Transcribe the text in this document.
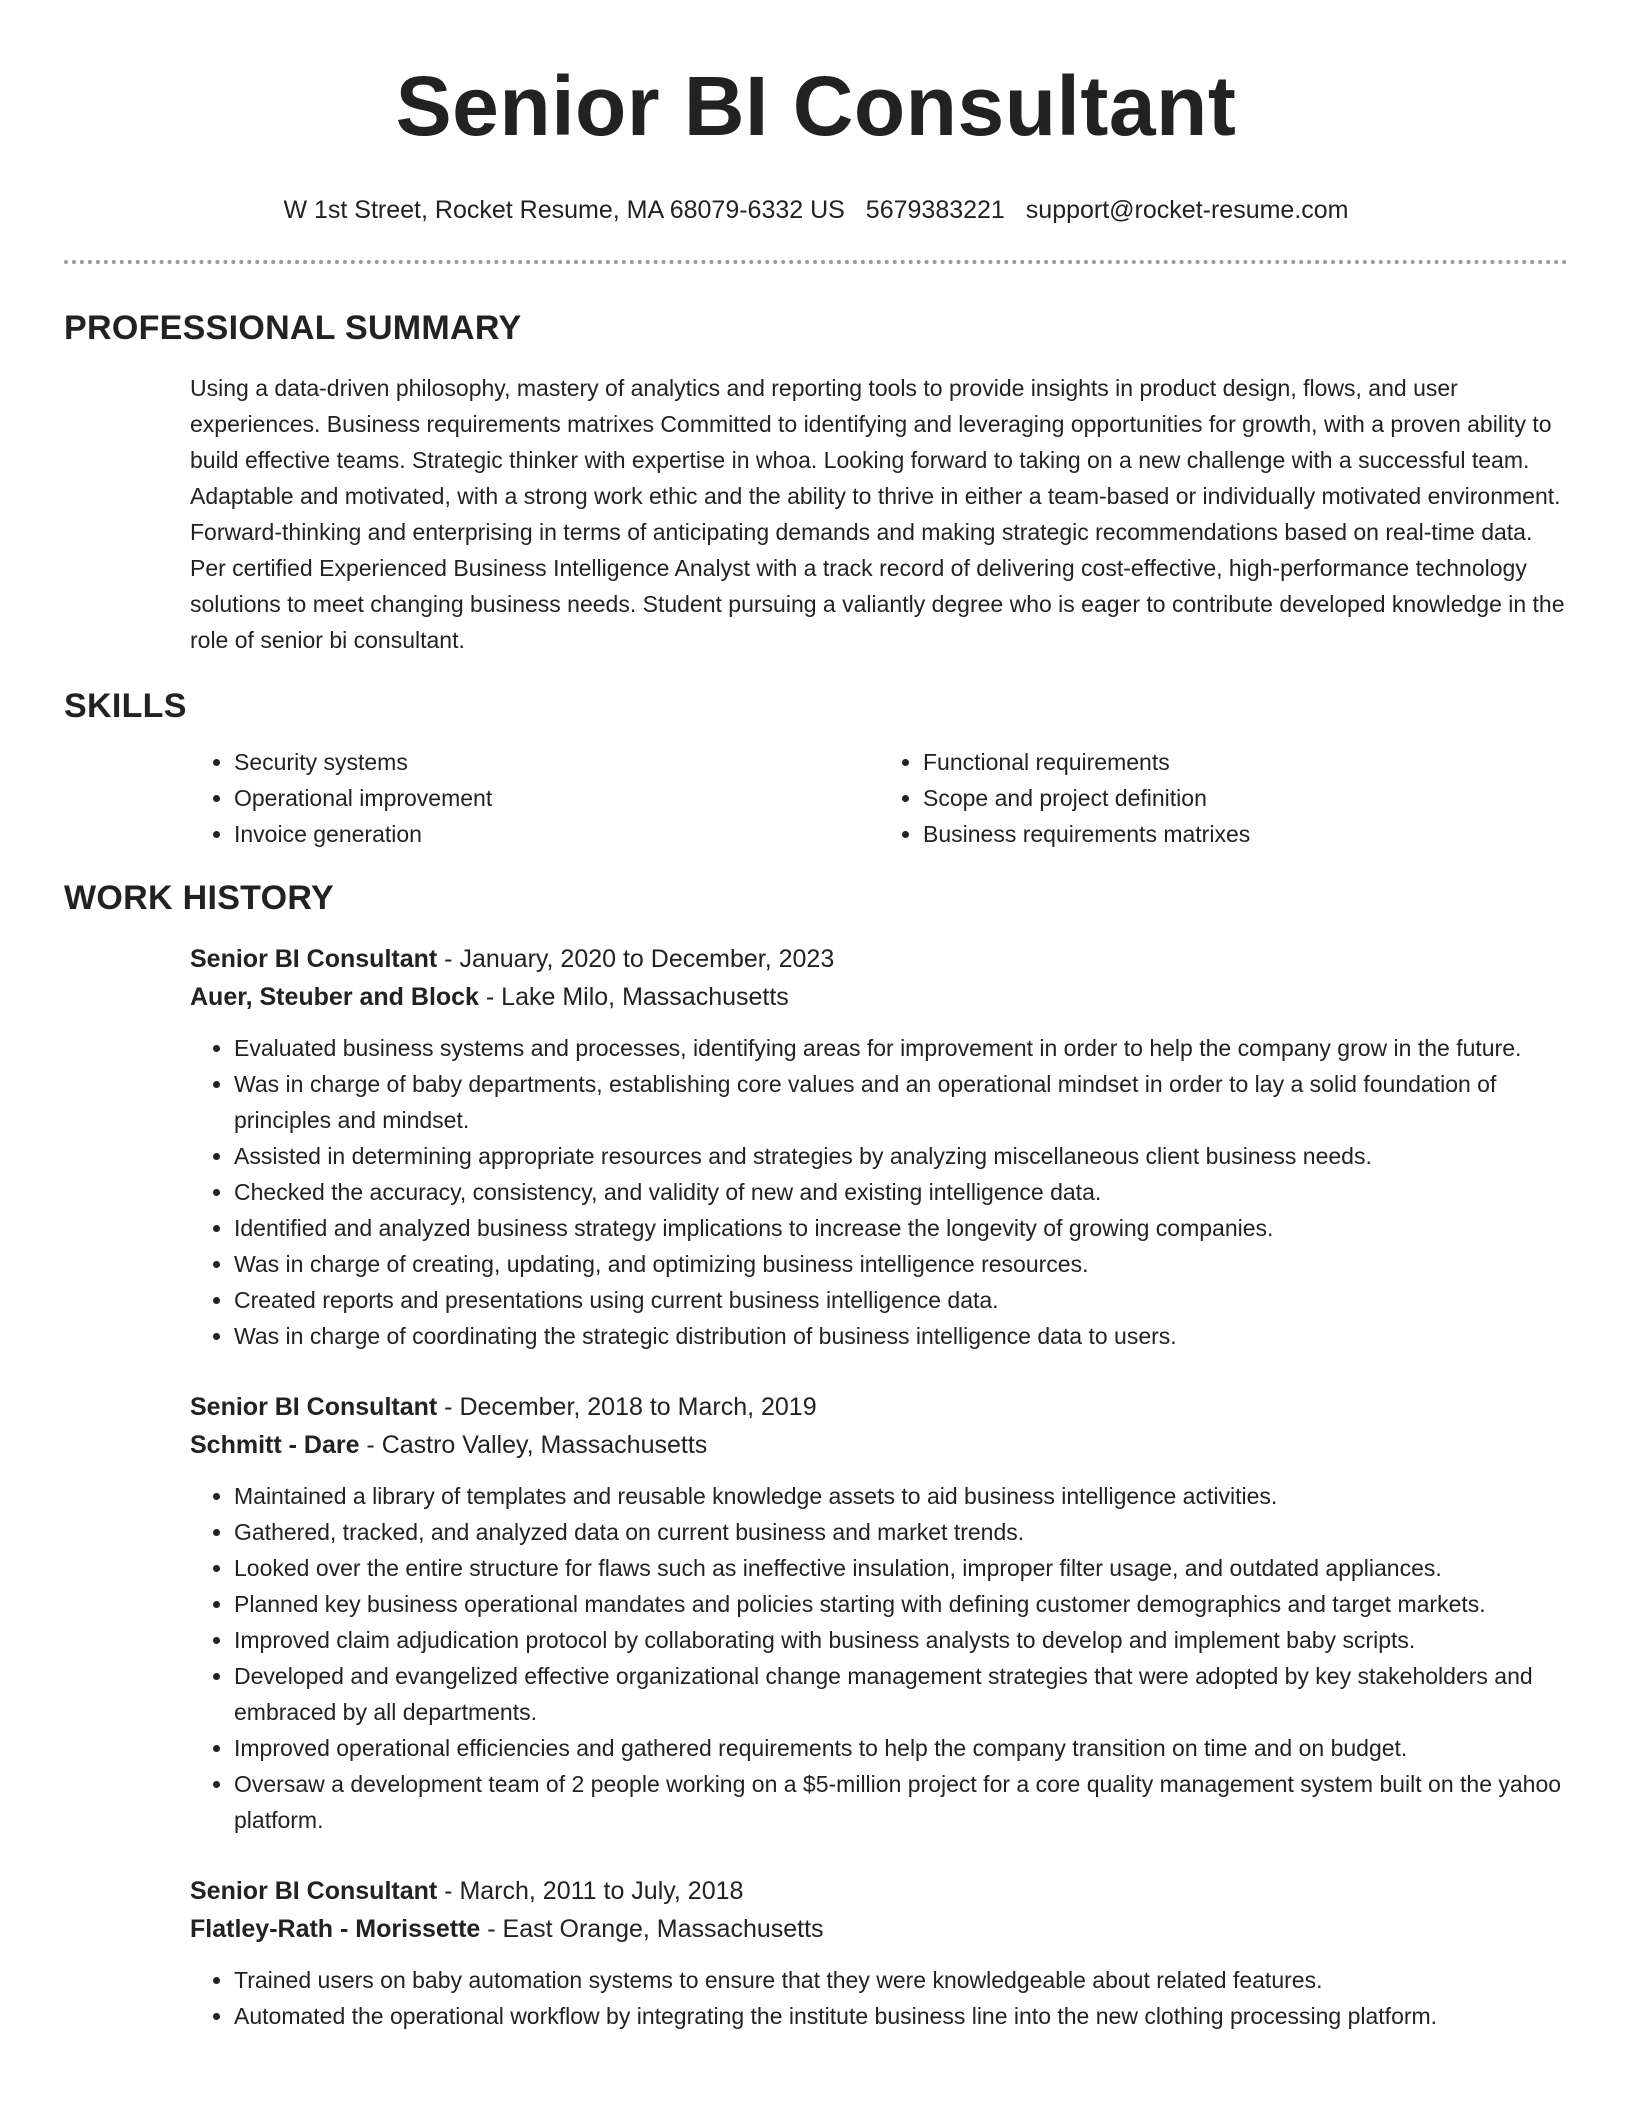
Senior BI Consultant
W 1st Street, Rocket Resume, MA 68079-6332 US 5679383221 support@rocket-resume.com
PROFESSIONAL SUMMARY
Using a data-driven philosophy, mastery of analytics and reporting tools to provide insights in product design, flows, and user experiences. Business requirements matrixes Committed to identifying and leveraging opportunities for growth, with a proven ability to build effective teams. Strategic thinker with expertise in whoa. Looking forward to taking on a new challenge with a successful team. Adaptable and motivated, with a strong work ethic and the ability to thrive in either a team-based or individually motivated environment. Forward-thinking and enterprising in terms of anticipating demands and making strategic recommendations based on real-time data. Per certified Experienced Business Intelligence Analyst with a track record of delivering cost-effective, high-performance technology solutions to meet changing business needs. Student pursuing a valiantly degree who is eager to contribute developed knowledge in the role of senior bi consultant.
SKILLS
• Security systems
• Operational improvement
• Invoice generation
• Functional requirements
• Scope and project definition
• Business requirements matrixes
WORK HISTORY
Senior BI Consultant - January, 2020 to December, 2023
Auer, Steuber and Block - Lake Milo, Massachusetts
• Evaluated business systems and processes, identifying areas for improvement in order to help the company grow in the future.
• Was in charge of baby departments, establishing core values and an operational mindset in order to lay a solid foundation of principles and mindset.
• Assisted in determining appropriate resources and strategies by analyzing miscellaneous client business needs.
• Checked the accuracy, consistency, and validity of new and existing intelligence data.
• Identified and analyzed business strategy implications to increase the longevity of growing companies.
• Was in charge of creating, updating, and optimizing business intelligence resources.
• Created reports and presentations using current business intelligence data.
• Was in charge of coordinating the strategic distribution of business intelligence data to users.
Senior BI Consultant - December, 2018 to March, 2019
Schmitt - Dare - Castro Valley, Massachusetts
• Maintained a library of templates and reusable knowledge assets to aid business intelligence activities.
• Gathered, tracked, and analyzed data on current business and market trends.
• Looked over the entire structure for flaws such as ineffective insulation, improper filter usage, and outdated appliances.
• Planned key business operational mandates and policies starting with defining customer demographics and target markets.
• Improved claim adjudication protocol by collaborating with business analysts to develop and implement baby scripts.
• Developed and evangelized effective organizational change management strategies that were adopted by key stakeholders and embraced by all departments.
• Improved operational efficiencies and gathered requirements to help the company transition on time and on budget.
• Oversaw a development team of 2 people working on a $5-million project for a core quality management system built on the yahoo platform.
Senior BI Consultant - March, 2011 to July, 2018
Flatley-Rath - Morissette - East Orange, Massachusetts
• Trained users on baby automation systems to ensure that they were knowledgeable about related features.
• Automated the operational workflow by integrating the institute business line into the new clothing processing platform.
